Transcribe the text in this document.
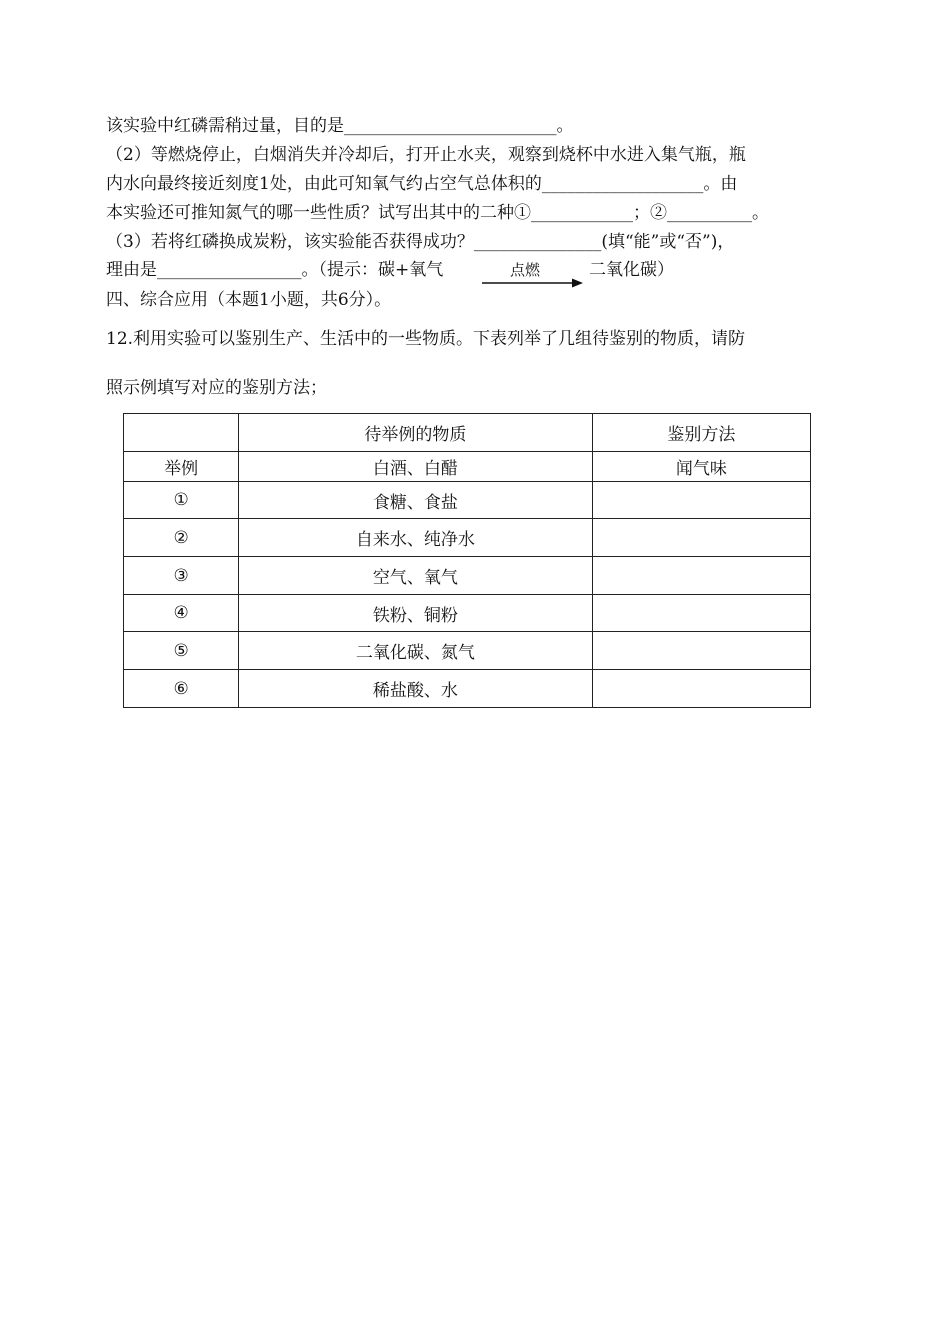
该实验中红磷需稍过量，目的是_________________________。
（2）等燃烧停止，白烟消失并冷却后，打开止水夹，观察到烧杯中水进入集气瓶，瓶
内水向最终接近刻度1处，由此可知氧气约占空气总体积的___________________。由
本实验还可推知氮气的哪一些性质？试写出其中的二种①____________；②__________。
（3）若将红磷换成炭粉，该实验能否获得成功？_______________(填“能”或“否”)，
理由是_________________。（提示：碳+氧气	点燃	二氧化碳）
四、综合应用（本题1小题，共6分）。
12.利用实验可以鉴别生产、生活中的一些物质。下表列举了几组待鉴别的物质，请防
照示例填写对应的鉴别方法；
	待举例的物质	鉴别方法
举例	白酒、白醋	闻气味
①	食糖、食盐	
②	自来水、纯净水	
③	空气、氧气	
④	铁粉、铜粉	
⑤	二氧化碳、氮气	
⑥	稀盐酸、水	
